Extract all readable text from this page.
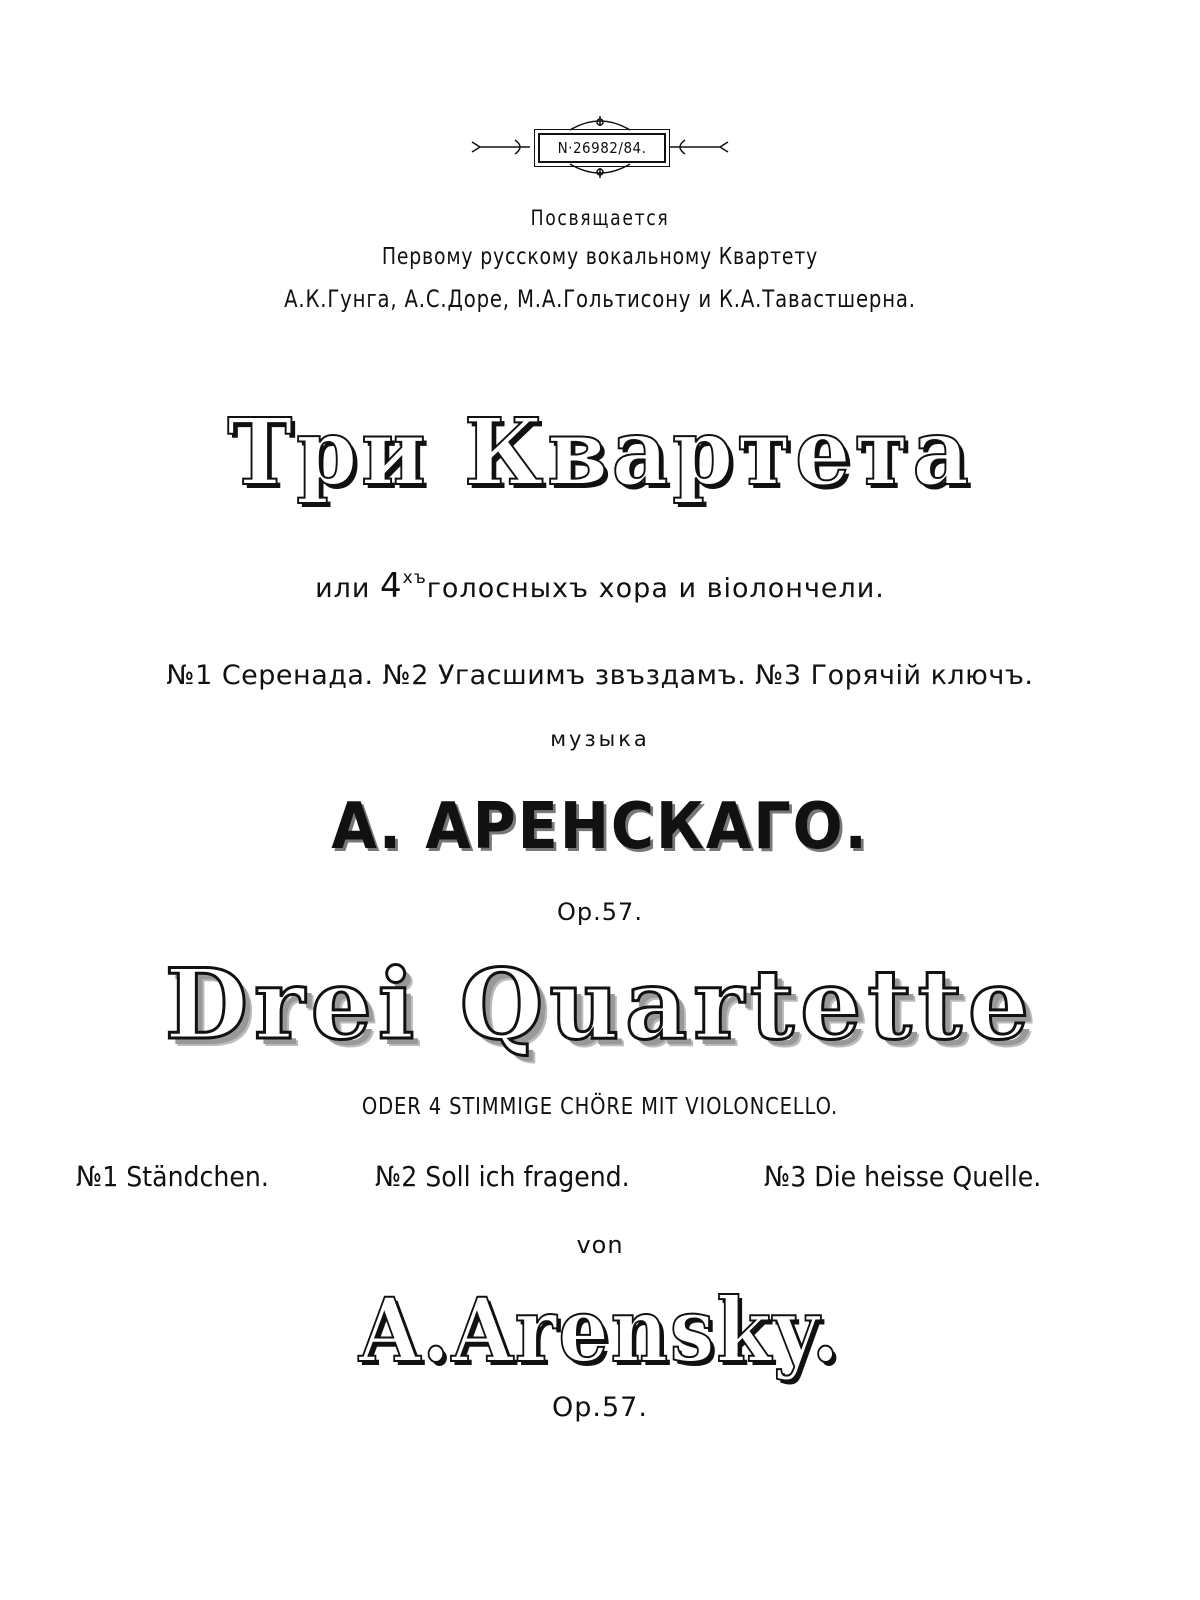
N·26982/84.
Посвящается
Первому русскому вокальному Квартету
А.К.Гунга, А.С.Доре, М.А.Гольтисону и К.А.Тавастшерна.
Три Квартета
или $4^{хъ}голосныхъ$ хора и віолончели.
№1 Серенада. №2 Угасшимъ звъздамъ. №3 Горячій ключъ.
музыка
А. АРЕНСКАГО.
Op.57.
Drei Quartette
ODER 4 STIMMIGE CHÖRE MIT VIOLONCELLO.
№1 Ständchen.	№2 Soll ich fragend.	№3 Die heisse Quelle.
von
A.Arensky.
Op.57.
